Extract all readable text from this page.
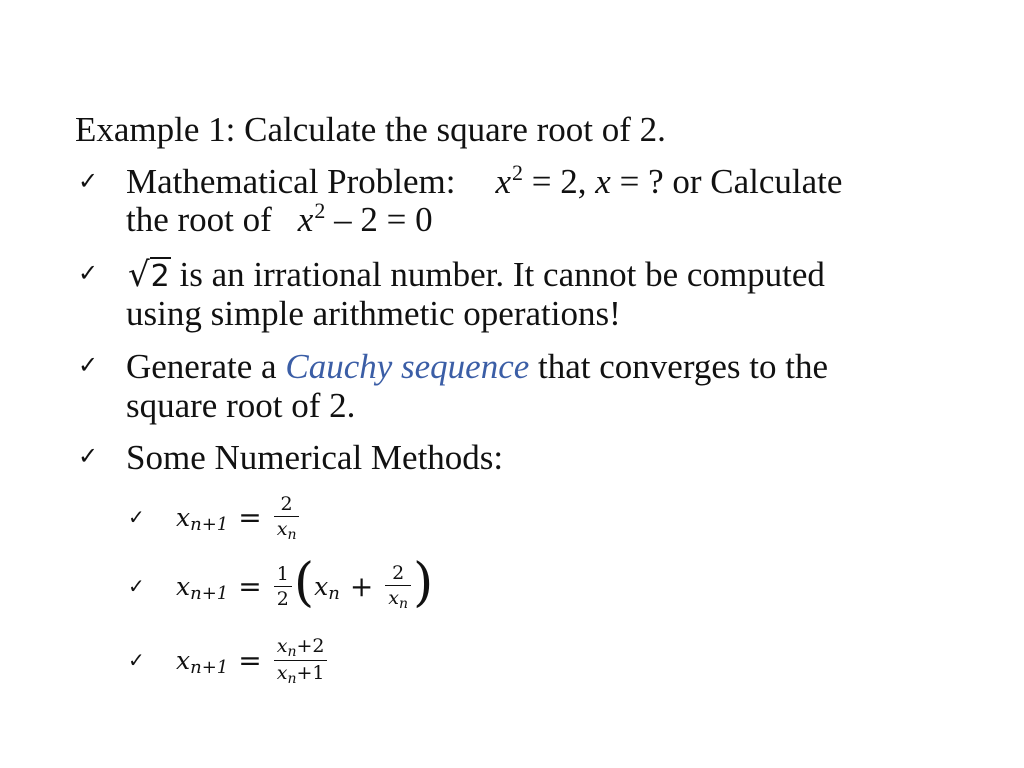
Example 1: Calculate the square root of 2.
✓ Mathematical Problem: $x^2 = 2$, x = ? or Calculate
the root of $x^2 - 2 = 0$
✓ √2 is an irrational number. It cannot be computed
using simple arithmetic operations!
✓ Generate a Cauchy sequence that converges to the
square root of 2.
✓ Some Numerical Methods:
✓ x $n+1 = \frac{2}{x_n}$
✓ x $n+1 = \frac{1}{2}$ ( x $n + \frac{2}{x_n}$ )
✓ x $n+1 = \frac{x_n+2}{x_n+1}$
